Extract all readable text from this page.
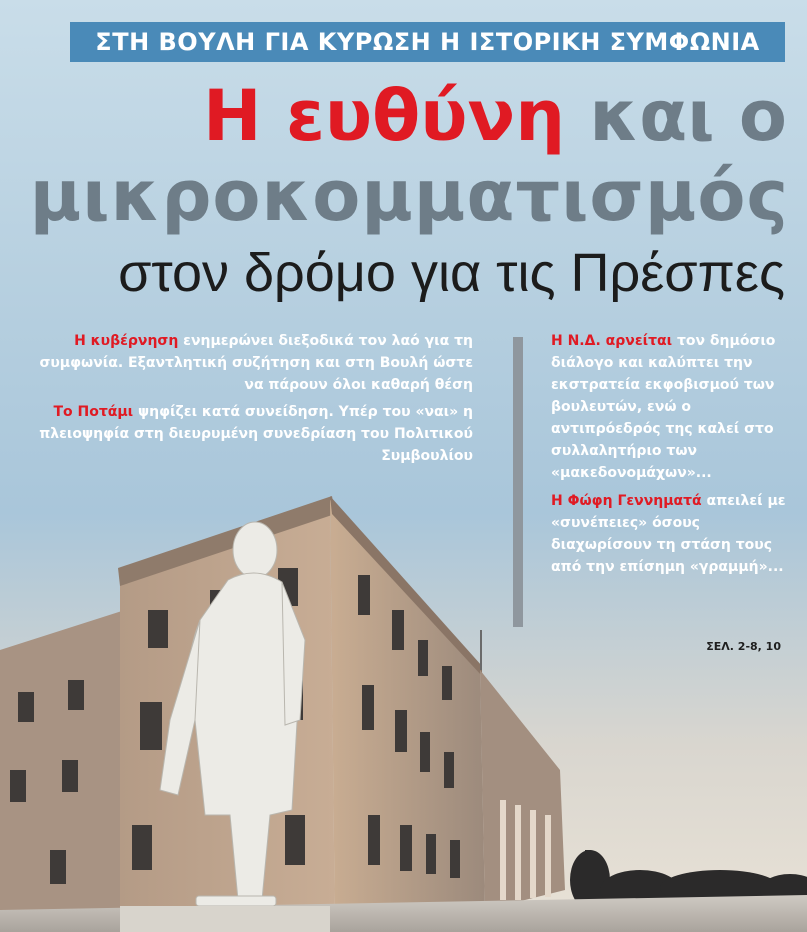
ΣΤΗ ΒΟΥΛΗ ΓΙΑ ΚΥΡΩΣΗ Η ΙΣΤΟΡΙΚΗ ΣΥΜΦΩΝΙΑ
Η ευθύνη και ο
μικροκομματισμός
στον δρόμο για τις Πρέσπες

Η κυβέρνηση ενημερώνει διεξοδικά τον λαό για τη συμφωνία. Εξαντλητική συζήτηση και στη Βουλή ώστε να πάρουν όλοι καθαρή θέση

Το Ποτάμι ψηφίζει κατά συνείδηση. Υπέρ του «ναι» η πλειοψηφία στη διευρυμένη συνεδρίαση του Πολιτικού Συμβουλίου

Η Ν.Δ. αρνείται τον δημόσιο διάλογο και καλύπτει την εκστρατεία εκφοβισμού των βουλευτών, ενώ ο αντιπρόεδρός της καλεί στο συλλαλητήριο των «μακεδονομάχων»...

Η Φώφη Γεννηματά απειλεί με «συνέπειες» όσους διαχωρίσουν τη στάση τους από την επίσημη «γραμμή»...

ΣΕΛ. 2-8, 10
